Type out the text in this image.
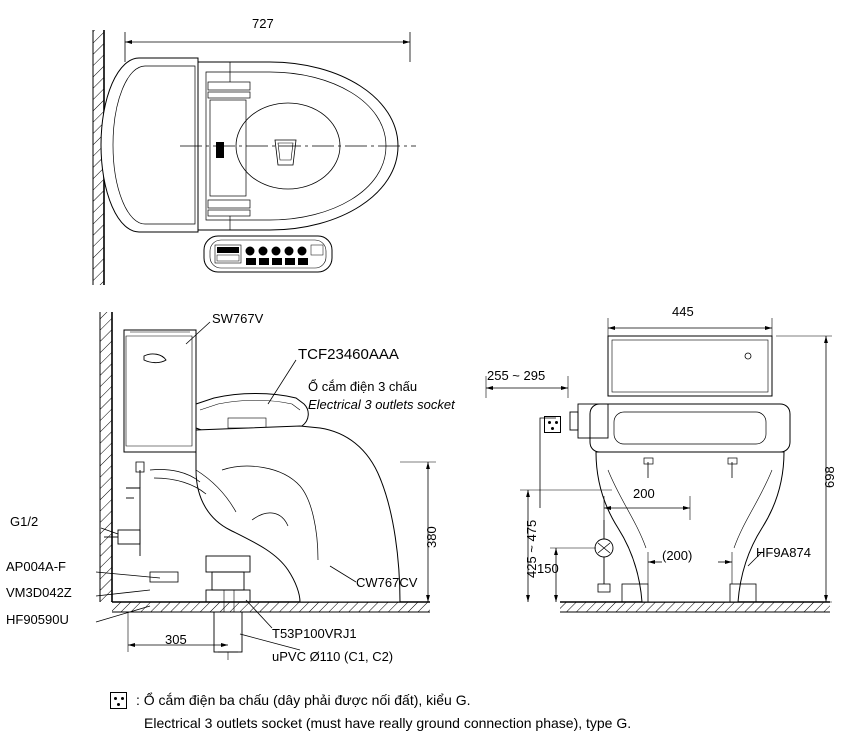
727
SW767V
TCF23460AAA
Ổ cắm điện 3 chấu
Electrical 3 outlets socket
G1/2
AP004A-F
VM3D042Z
HF90590U
305	T53P100VRJ1
uPVC Ø110 (C1, C2)
CW767CV
380
445
255 ~ 295
200
(200)
150
425 ~ 475
698
HF9A874
: Ổ cắm điện ba chấu (dây phải được nối đất), kiểu G.
Electrical 3 outlets socket (must have really ground connection phase), type G.
